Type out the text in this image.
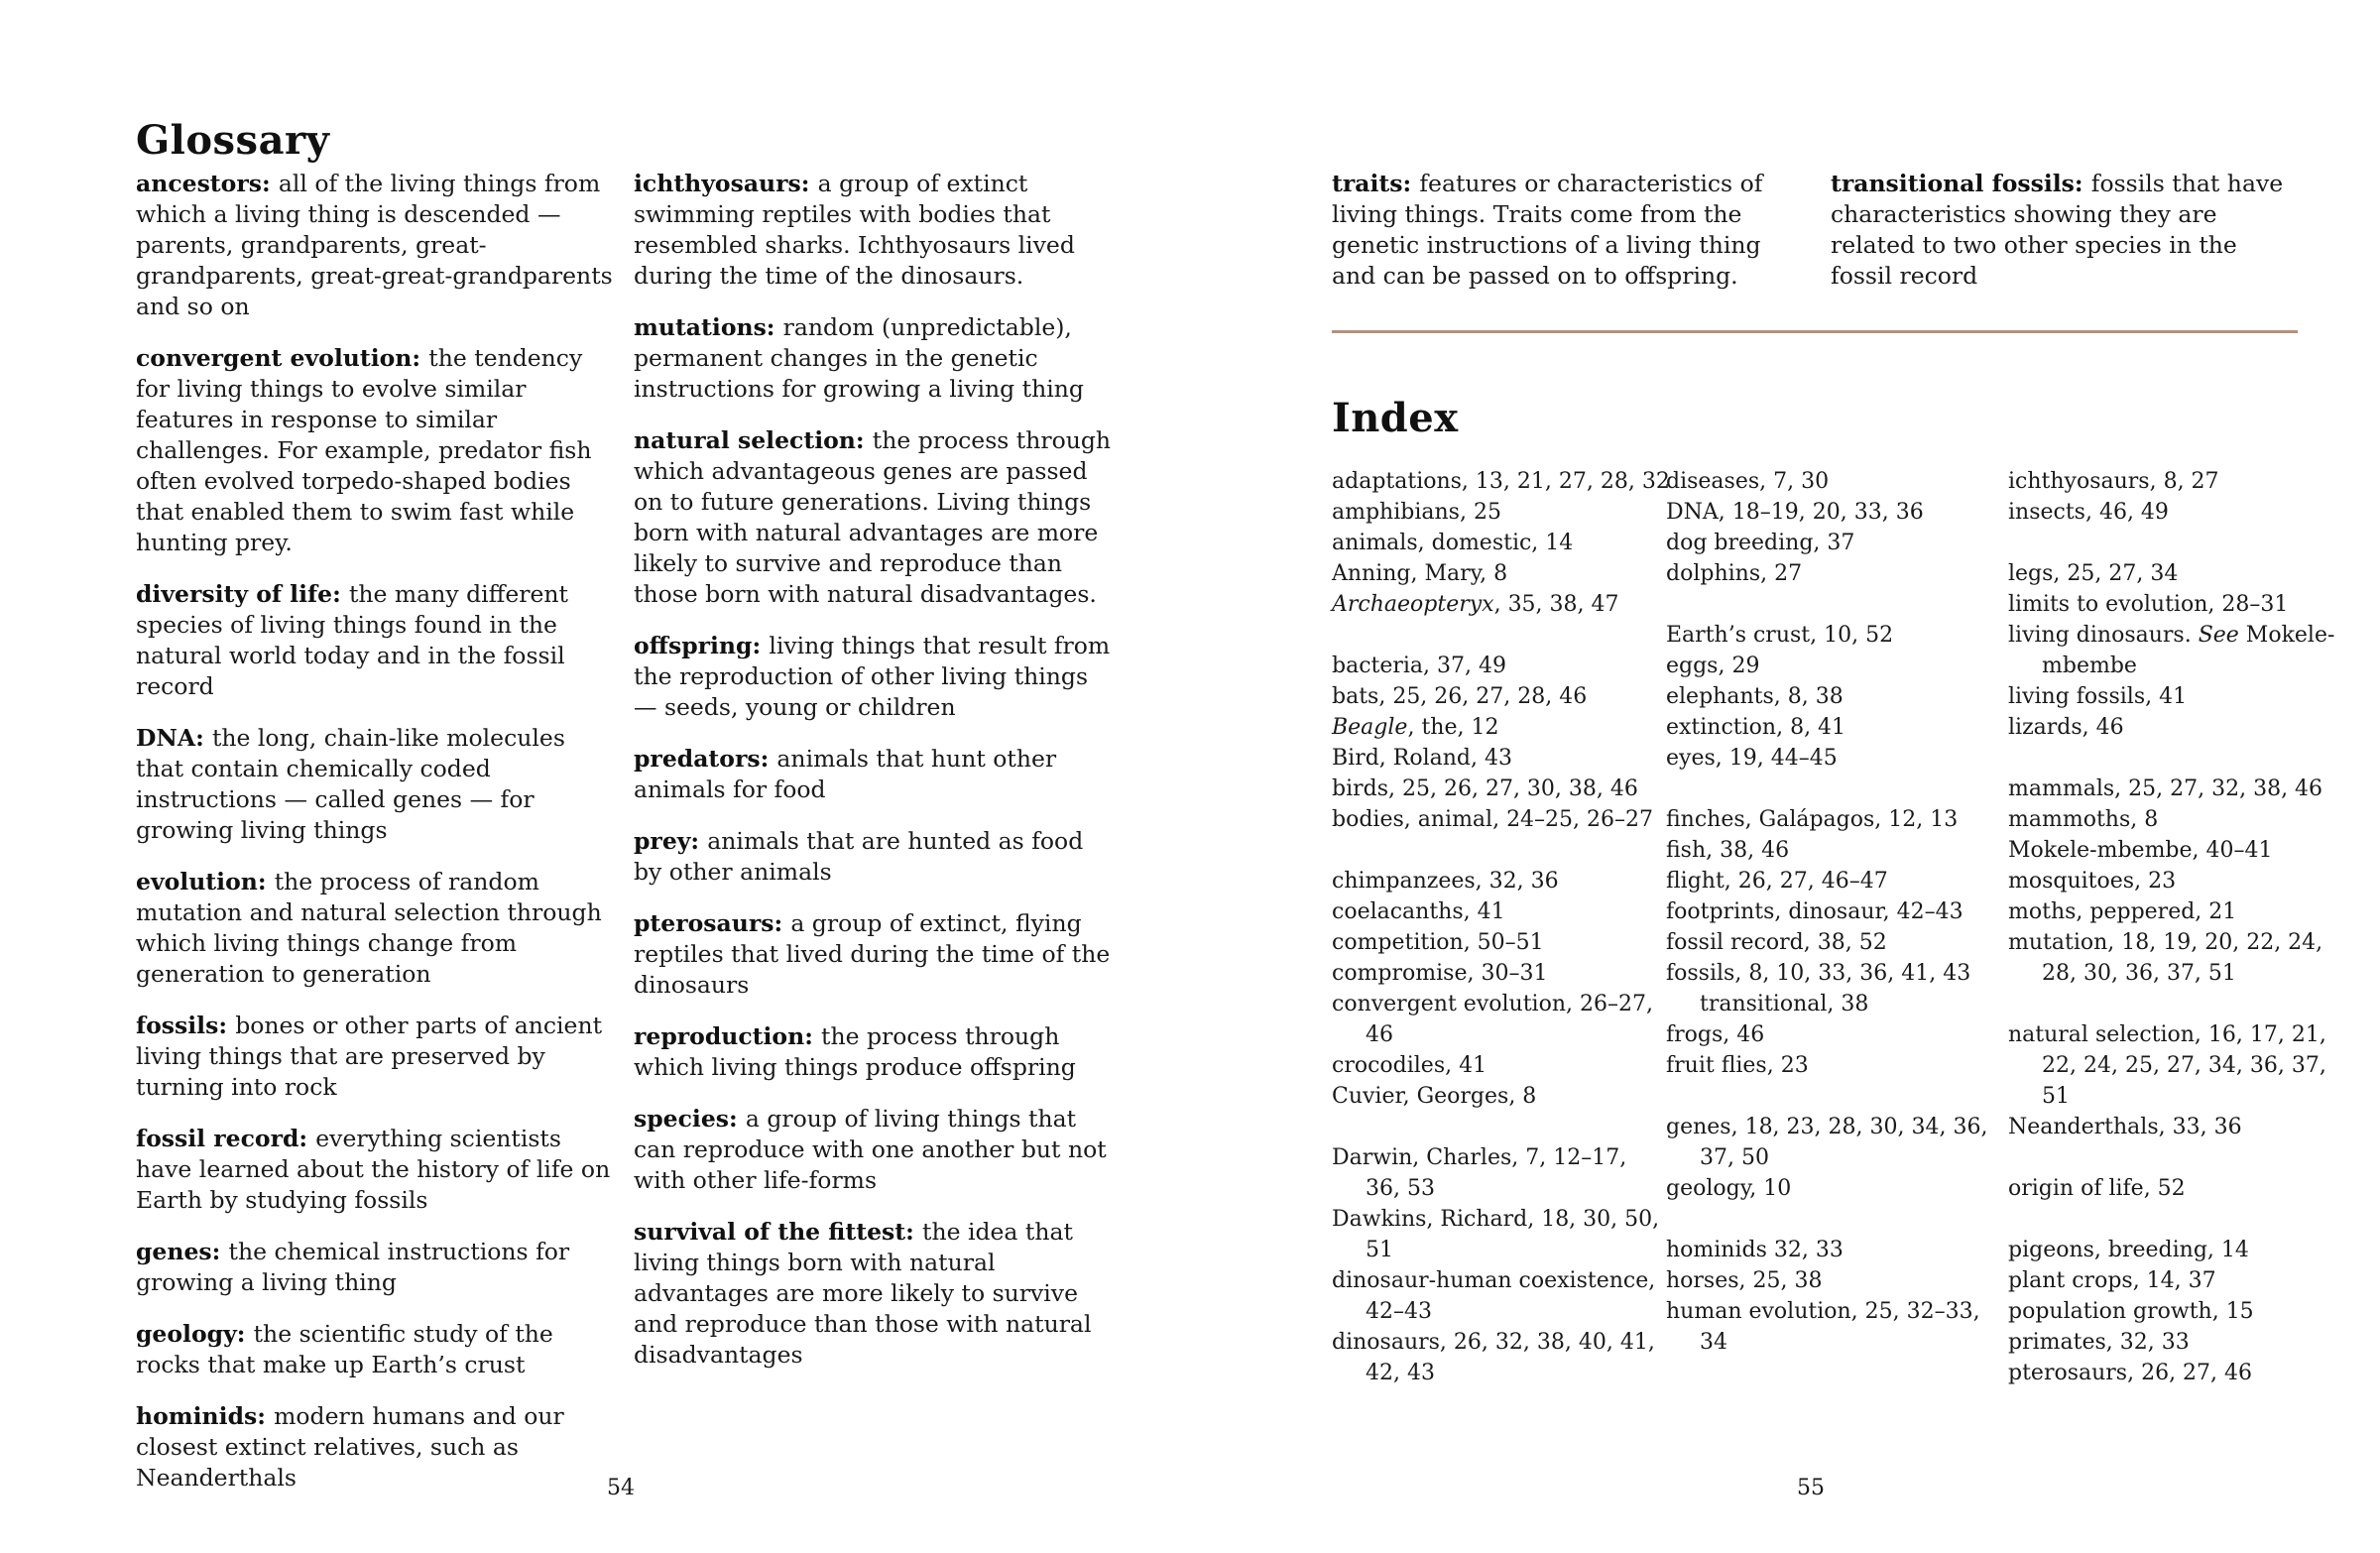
Glossary

ancestors: all of the living things from which a living thing is descended — parents, grandparents, great-grandparents, great-great-grandparents and so on

convergent evolution: the tendency for living things to evolve similar features in response to similar challenges. For example, predator fish often evolved torpedo-shaped bodies that enabled them to swim fast while hunting prey.

diversity of life: the many different species of living things found in the natural world today and in the fossil record

DNA: the long, chain-like molecules that contain chemically coded instructions — called genes — for growing living things

evolution: the process of random mutation and natural selection through which living things change from generation to generation

fossils: bones or other parts of ancient living things that are preserved by turning into rock

fossil record: everything scientists have learned about the history of life on Earth by studying fossils

genes: the chemical instructions for growing a living thing

geology: the scientific study of the rocks that make up Earth’s crust

hominids: modern humans and our closest extinct relatives, such as Neanderthals

ichthyosaurs: a group of extinct swimming reptiles with bodies that resembled sharks. Ichthyosaurs lived during the time of the dinosaurs.

mutations: random (unpredictable), permanent changes in the genetic instructions for growing a living thing

natural selection: the process through which advantageous genes are passed on to future generations. Living things born with natural advantages are more likely to survive and reproduce than those born with natural disadvantages.

offspring: living things that result from the reproduction of other living things — seeds, young or children

predators: animals that hunt other animals for food

prey: animals that are hunted as food by other animals

pterosaurs: a group of extinct, flying reptiles that lived during the time of the dinosaurs

reproduction: the process through which living things produce offspring

species: a group of living things that can reproduce with one another but not with other life-forms

survival of the fittest: the idea that living things born with natural advantages are more likely to survive and reproduce than those with natural disadvantages

54

traits: features or characteristics of living things. Traits come from the genetic instructions of a living thing and can be passed on to offspring.

transitional fossils: fossils that have characteristics showing they are related to two other species in the fossil record

Index
adaptations, 13, 21, 27, 28, 32
amphibians, 25
animals, domestic, 14
Anning, Mary, 8
Archaeopteryx, 35, 38, 47
bacteria, 37, 49
bats, 25, 26, 27, 28, 46
Beagle, the, 12
Bird, Roland, 43
birds, 25, 26, 27, 30, 38, 46
bodies, animal, 24–25, 26–27
chimpanzees, 32, 36
coelacanths, 41
competition, 50–51
compromise, 30–31
convergent evolution, 26–27,
46
crocodiles, 41
Cuvier, Georges, 8
Darwin, Charles, 7, 12–17,
36, 53
Dawkins, Richard, 18, 30, 50,
51
dinosaur-human coexistence,
42–43
dinosaurs, 26, 32, 38, 40, 41,
42, 43
diseases, 7, 30
DNA, 18–19, 20, 33, 36
dog breeding, 37
dolphins, 27
Earth’s crust, 10, 52
eggs, 29
elephants, 8, 38
extinction, 8, 41
eyes, 19, 44–45
finches, Galápagos, 12, 13
fish, 38, 46
flight, 26, 27, 46–47
footprints, dinosaur, 42–43
fossil record, 38, 52
fossils, 8, 10, 33, 36, 41, 43
transitional, 38
frogs, 46
fruit flies, 23
genes, 18, 23, 28, 30, 34, 36,
37, 50
geology, 10
hominids 32, 33
horses, 25, 38
human evolution, 25, 32–33,
34
ichthyosaurs, 8, 27
insects, 46, 49
legs, 25, 27, 34
limits to evolution, 28–31
living dinosaurs. See Mokele-
mbembe
living fossils, 41
lizards, 46
mammals, 25, 27, 32, 38, 46
mammoths, 8
Mokele-mbembe, 40–41
mosquitoes, 23
moths, peppered, 21
mutation, 18, 19, 20, 22, 24,
28, 30, 36, 37, 51
natural selection, 16, 17, 21,
22, 24, 25, 27, 34, 36, 37,
51
Neanderthals, 33, 36
origin of life, 52
pigeons, breeding, 14
plant crops, 14, 37
population growth, 15
primates, 32, 33
pterosaurs, 26, 27, 46
55
